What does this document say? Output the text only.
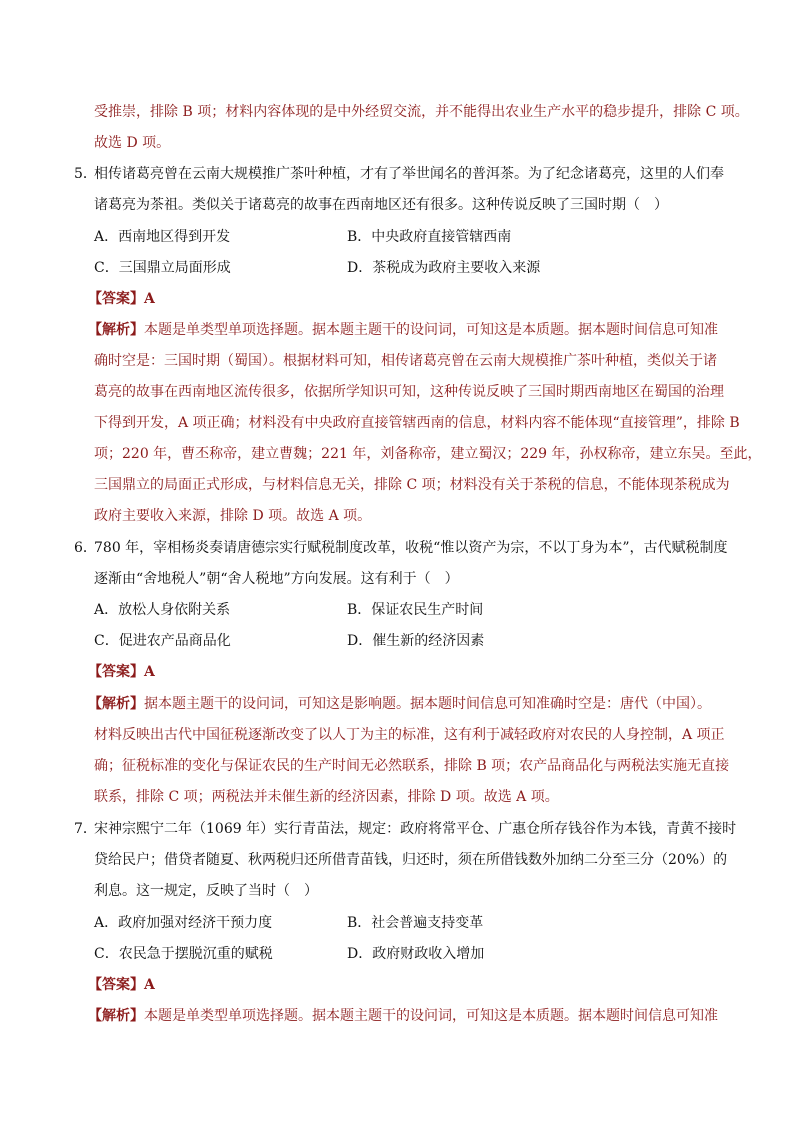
受推崇，排除 B 项；材料内容体现的是中外经贸交流，并不能得出农业生产水平的稳步提升，排除 C 项。
故选 D 项。
5．
相传诸葛亮曾在云南大规模推广茶叶种植，才有了举世闻名的普洱茶。为了纪念诸葛亮，这里的人们奉
诸葛亮为茶祖。类似关于诸葛亮的故事在西南地区还有很多。这种传说反映了三国时期（　）
A．西南地区得到开发	B．中央政府直接管辖西南
C．三国鼎立局面形成	D．茶税成为政府主要收入来源
【答案】A
【解析】本题是单类型单项选择题。据本题主题干的设问词，可知这是本质题。据本题时间信息可知准
确时空是：三国时期（蜀国）。根据材料可知，相传诸葛亮曾在云南大规模推广茶叶种植，类似关于诸
葛亮的故事在西南地区流传很多，依据所学知识可知，这种传说反映了三国时期西南地区在蜀国的治理
下得到开发，A 项正确；材料没有中央政府直接管辖西南的信息，材料内容不能体现“直接管理”，排除 B
项；220 年，曹丕称帝，建立曹魏；221 年，刘备称帝，建立蜀汉；229 年，孙权称帝，建立东吴。至此，
三国鼎立的局面正式形成，与材料信息无关，排除 C 项；材料没有关于茶税的信息，不能体现茶税成为
政府主要收入来源，排除 D 项。故选 A 项。
6．
780 年，宰相杨炎奏请唐德宗实行赋税制度改革，收税“惟以资产为宗，不以丁身为本”，古代赋税制度
逐渐由“舍地税人”朝“舍人税地”方向发展。这有利于（　）
A．放松人身依附关系	B．保证农民生产时间
C．促进农产品商品化	D．催生新的经济因素
【答案】A
【解析】据本题主题干的设问词，可知这是影响题。据本题时间信息可知准确时空是：唐代（中国）。
材料反映出古代中国征税逐渐改变了以人丁为主的标准，这有利于减轻政府对农民的人身控制，A 项正
确；征税标准的变化与保证农民的生产时间无必然联系，排除 B 项；农产品商品化与两税法实施无直接
联系，排除 C 项；两税法并未催生新的经济因素，排除 D 项。故选 A 项。
7．
宋神宗熙宁二年（1069 年）实行青苗法，规定：政府将常平仓、广惠仓所存钱谷作为本钱，青黄不接时
贷给民户；借贷者随夏、秋两税归还所借青苗钱，归还时，须在所借钱数外加纳二分至三分（20%）的
利息。这一规定，反映了当时（　）
A．政府加强对经济干预力度	B．社会普遍支持变革
C．农民急于摆脱沉重的赋税	D．政府财政收入增加
【答案】A
【解析】本题是单类型单项选择题。据本题主题干的设问词，可知这是本质题。据本题时间信息可知准
